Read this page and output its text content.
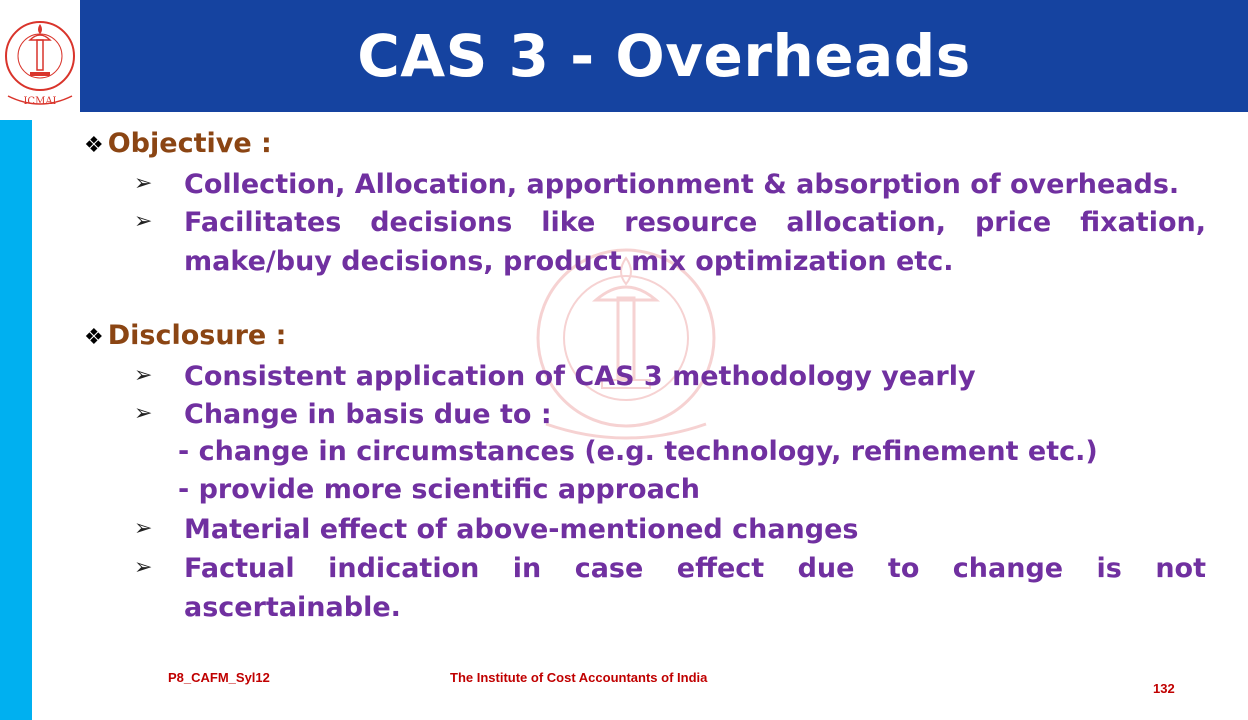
CAS 3 - Overheads
ICMAI
❖ Objective :
➢	Collection, Allocation, apportionment & absorption of overheads.
➢	Facilitates decisions like resource allocation, price fixation, make/buy decisions, product mix optimization etc.
❖ Disclosure :
➢	Consistent application of CAS 3 methodology yearly
➢	Change in basis due to :
- change in circumstances (e.g. technology, refinement etc.)
- provide more scientific approach
➢	Material effect of above-mentioned changes
➢	Factual indication in case effect due to change is not ascertainable.
P8_CAFM_Syl12	The Institute of Cost Accountants of India
132
